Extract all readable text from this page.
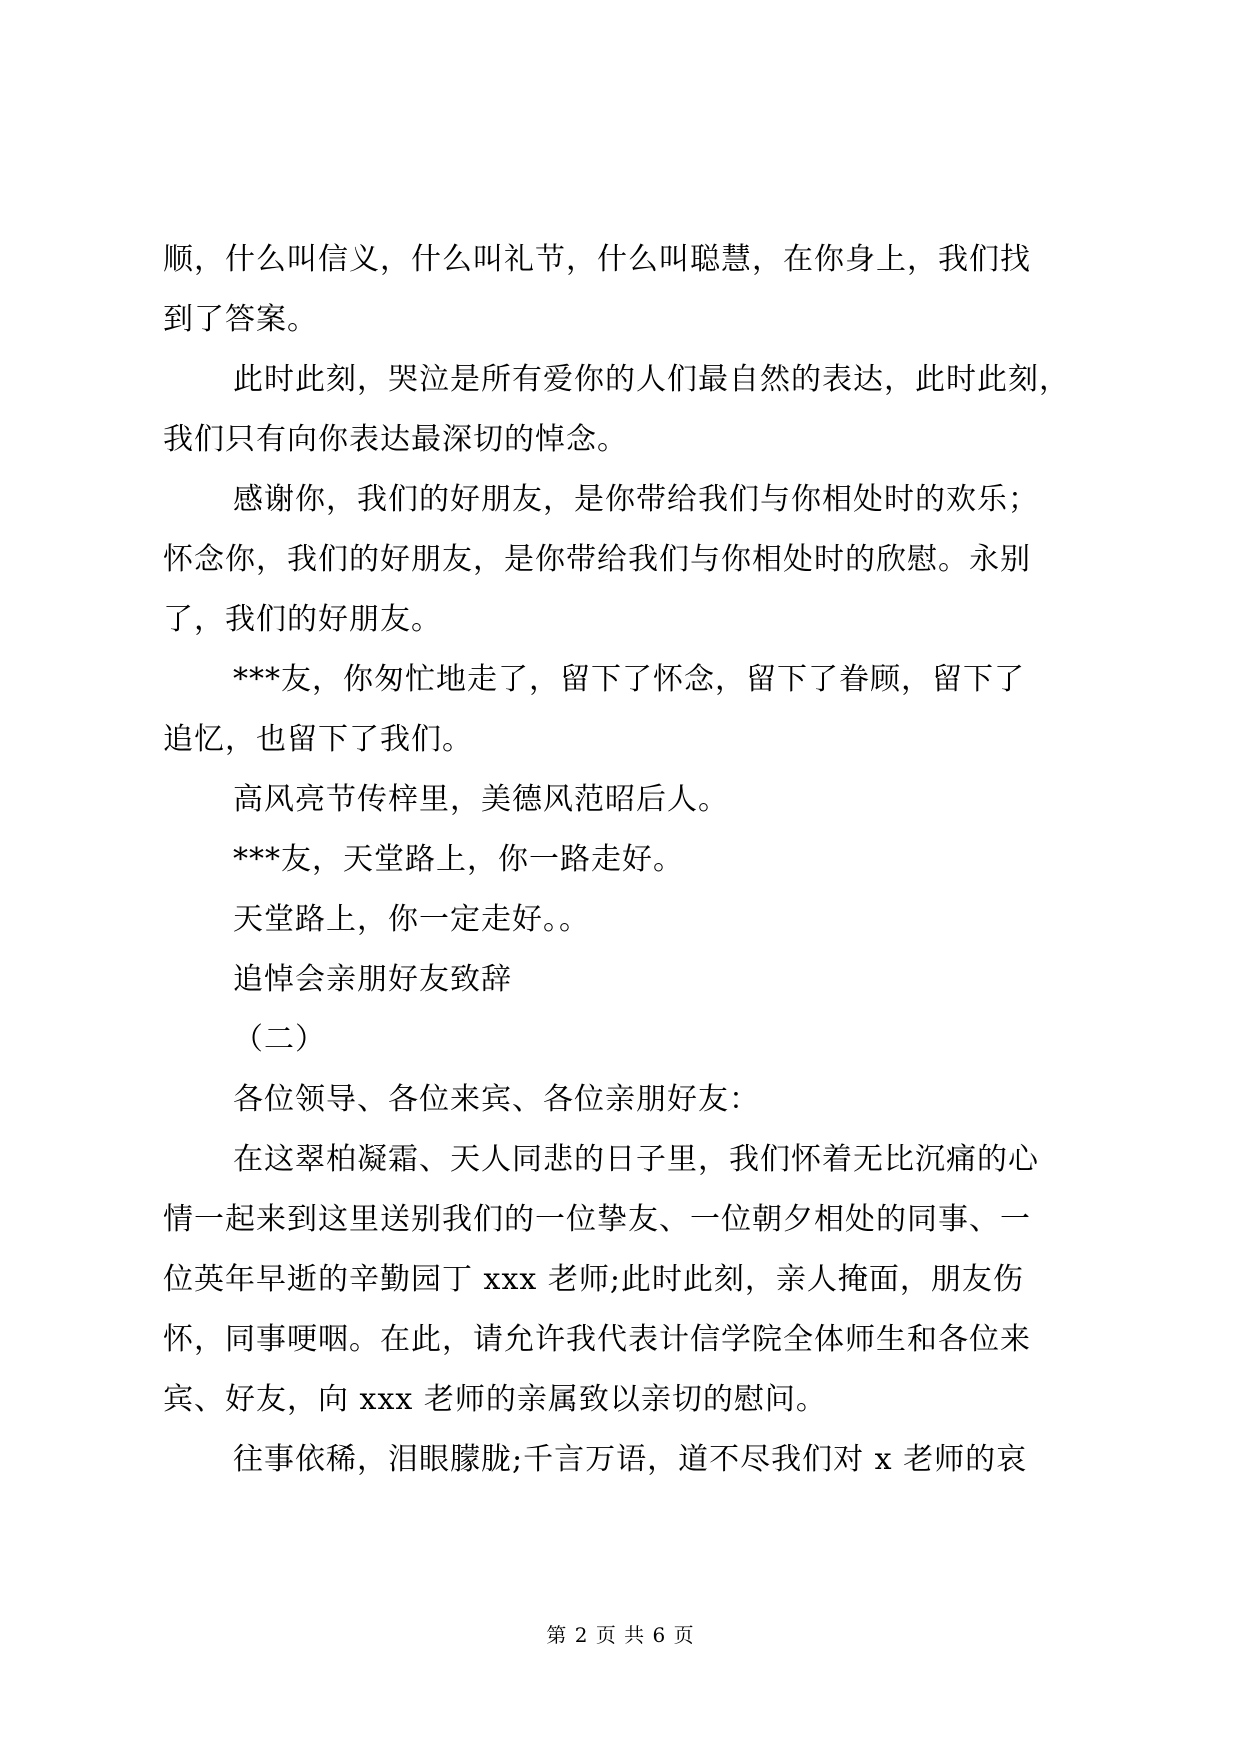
顺，什么叫信义，什么叫礼节，什么叫聪慧，在你身上，我们找
到了答案。
此时此刻，哭泣是所有爱你的人们最自然的表达，此时此刻，
我们只有向你表达最深切的悼念。
感谢你，我们的好朋友，是你带给我们与你相处时的欢乐；
怀念你，我们的好朋友，是你带给我们与你相处时的欣慰。永别
了，我们的好朋友。
***友，你匆忙地走了，留下了怀念，留下了眷顾，留下了
追忆，也留下了我们。
高风亮节传梓里，美德风范昭后人。
***友，天堂路上，你一路走好。
天堂路上，你一定走好。。
追悼会亲朋好友致辞
（二）
各位领导、各位来宾、各位亲朋好友：
在这翠柏凝霜、天人同悲的日子里，我们怀着无比沉痛的心
情一起来到这里送别我们的一位挚友、一位朝夕相处的同事、一
位英年早逝的辛勤园丁 xxx 老师;此时此刻，亲人掩面，朋友伤
怀，同事哽咽。在此，请允许我代表计信学院全体师生和各位来
宾、好友，向 xxx 老师的亲属致以亲切的慰问。
往事依稀，泪眼朦胧;千言万语，道不尽我们对 x 老师的哀
第 2 页 共 6 页
